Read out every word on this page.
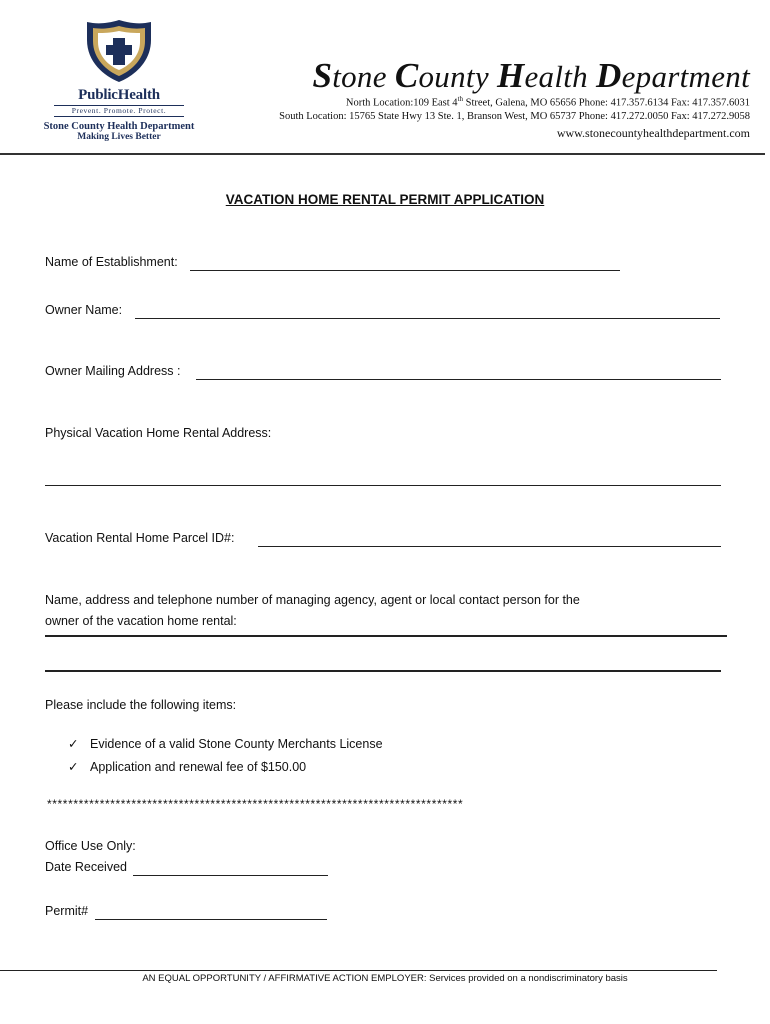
PublicHealth
Prevent. Promote. Protect.
Stone County Health Department
Making Lives Better
Stone County Health Department
North Location:109 East 4th Street, Galena, MO 65656 Phone: 417.357.6134 Fax: 417.357.6031
South Location: 15765 State Hwy 13 Ste. 1, Branson West, MO 65737 Phone: 417.272.0050 Fax: 417.272.9058
www.stonecountyhealthdepartment.com
VACATION HOME RENTAL PERMIT APPLICATION
Name of Establishment:
Owner Name:
Owner Mailing Address :
Physical Vacation Home Rental Address:
Vacation Rental Home Parcel ID#:
Name, address and telephone number of managing agency, agent or local contact person for the
owner of the vacation home rental:
Please include the following items:
✓ Evidence of a valid Stone County Merchants License
✓ Application and renewal fee of $150.00
*******************************************************************************
Office Use Only:
Date Received
Permit#
AN EQUAL OPPORTUNITY / AFFIRMATIVE ACTION EMPLOYER: Services provided on a nondiscriminatory basis
